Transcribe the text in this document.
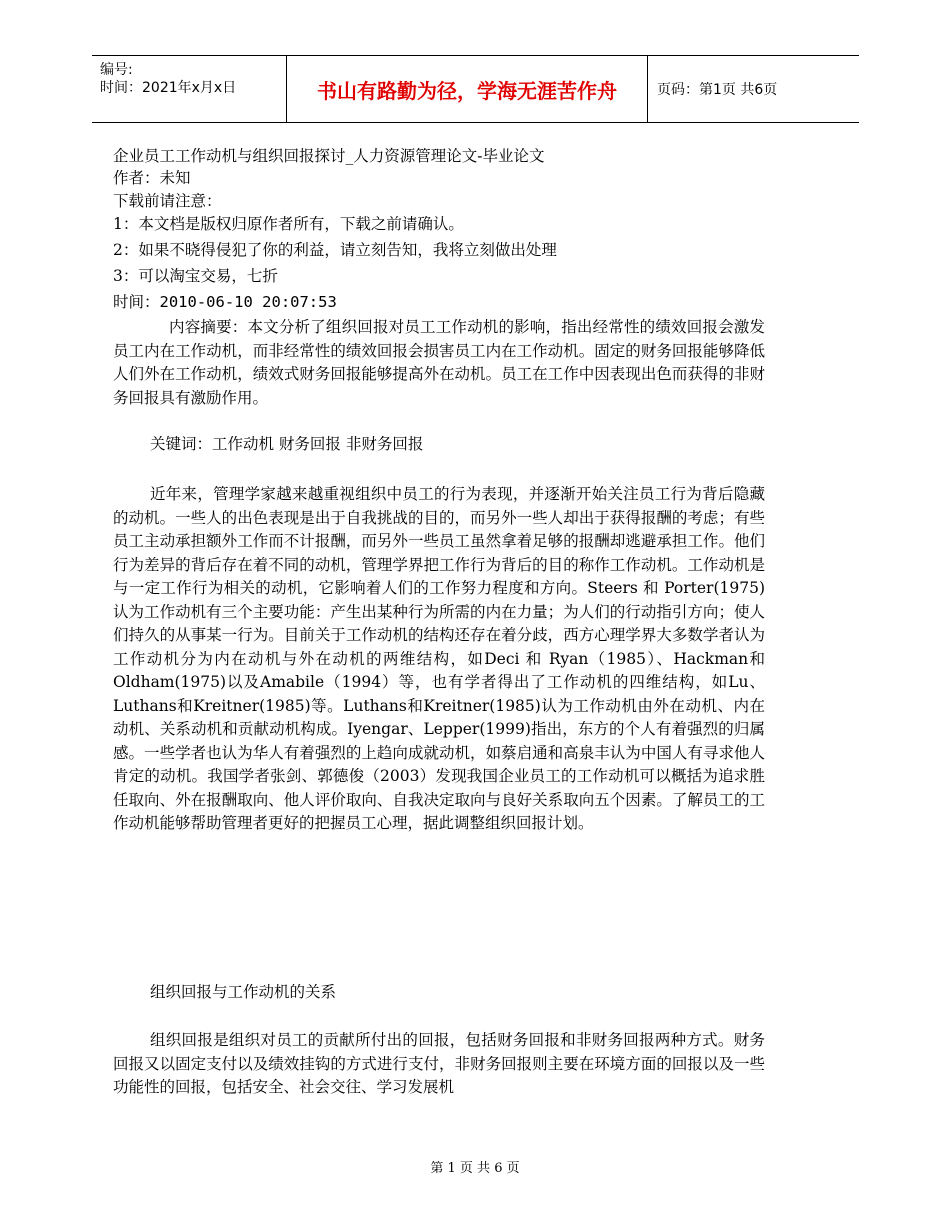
编号:
时间：2021年x月x日	书山有路勤为径，学海无涯苦作舟	页码：第1页 共6页
企业员工工作动机与组织回报探讨_人力资源管理论文-毕业论文
作者：未知
下载前请注意：
1：本文档是版权归原作者所有，下载之前请确认。
2：如果不晓得侵犯了你的利益，请立刻告知，我将立刻做出处理
3：可以淘宝交易，七折
时间：2010-06-10 20:07:53
内容摘要：本文分析了组织回报对员工工作动机的影响，指出经常性的绩效回报会激发员工内在工作动机，而非经常性的绩效回报会损害员工内在工作动机。固定的财务回报能够降低人们外在工作动机，绩效式财务回报能够提高外在动机。员工在工作中因表现出色而获得的非财务回报具有激励作用。
关键词：工作动机 财务回报 非财务回报
近年来，管理学家越来越重视组织中员工的行为表现，并逐渐开始关注员工行为背后隐藏的动机。一些人的出色表现是出于自我挑战的目的，而另外一些人却出于获得报酬的考虑；有些员工主动承担额外工作而不计报酬，而另外一些员工虽然拿着足够的报酬却逃避承担工作。他们行为差异的背后存在着不同的动机，管理学界把工作行为背后的目的称作工作动机。工作动机是与一定工作行为相关的动机，它影响着人们的工作努力程度和方向。Steers 和 Porter(1975)认为工作动机有三个主要功能：产生出某种行为所需的内在力量；为人们的行动指引方向；使人们持久的从事某一行为。目前关于工作动机的结构还存在着分歧，西方心理学界大多数学者认为工作动机分为内在动机与外在动机的两维结构，如Deci 和 Ryan（1985）、Hackman和Oldham(1975)以及Amabile（1994）等，也有学者得出了工作动机的四维结构，如Lu、Luthans和Kreitner(1985)等。Luthans和Kreitner(1985)认为工作动机由外在动机、内在动机、关系动机和贡献动机构成。Iyengar、Lepper(1999)指出，东方的个人有着强烈的归属感。一些学者也认为华人有着强烈的上趋向成就动机，如蔡启通和高泉丰认为中国人有寻求他人肯定的动机。我国学者张剑、郭德俊（2003）发现我国企业员工的工作动机可以概括为追求胜任取向、外在报酬取向、他人评价取向、自我决定取向与良好关系取向五个因素。了解员工的工作动机能够帮助管理者更好的把握员工心理，据此调整组织回报计划。
组织回报与工作动机的关系
组织回报是组织对员工的贡献所付出的回报，包括财务回报和非财务回报两种方式。财务回报又以固定支付以及绩效挂钩的方式进行支付，非财务回报则主要在环境方面的回报以及一些功能性的回报，包括安全、社会交往、学习发展机
第 1 页 共 6 页
